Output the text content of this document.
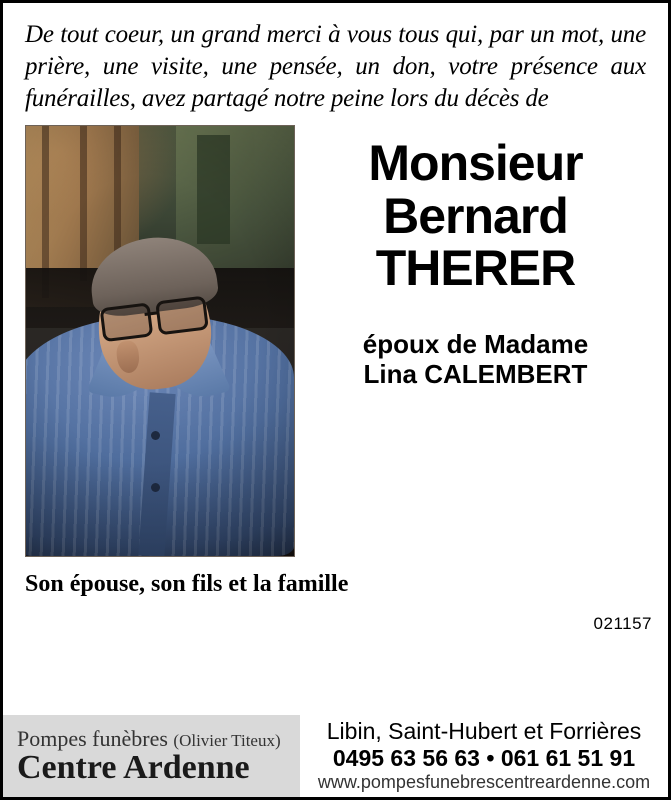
De tout coeur, un grand merci à vous tous qui, par un mot, une prière, une visite, une pensée, un don, votre présence aux funérailles, avez partagé notre peine lors du décès de
Monsieur
Bernard
THERER
époux de Madame
Lina CALEMBERT
Son épouse, son fils et la famille
021157
Pompes funèbres (Olivier Titeux)
Centre Ardenne
Libin, Saint-Hubert et Forrières
0495 63 56 63 • 061 61 51 91
www.pompesfunebrescentreardenne.com
